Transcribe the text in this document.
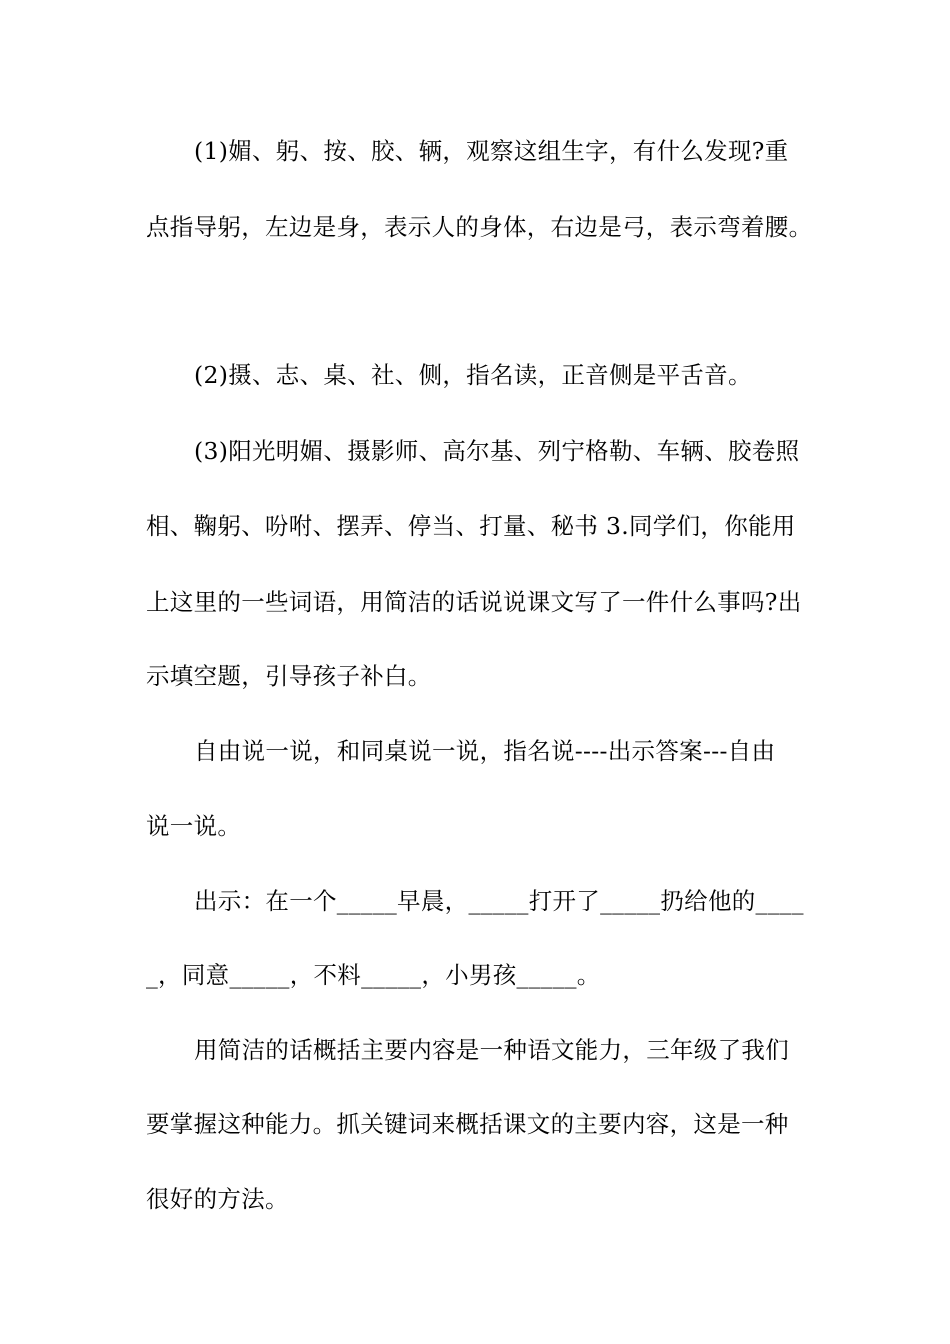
(1)媚、躬、按、胶、辆，观察这组生字，有什么发现?重
点指导躬，左边是身，表示人的身体，右边是弓，表示弯着腰。
(2)摄、志、桌、社、侧，指名读，正音侧是平舌音。
(3)阳光明媚、摄影师、高尔基、列宁格勒、车辆、胶卷照
相、鞠躬、吩咐、摆弄、停当、打量、秘书 3.同学们，你能用
上这里的一些词语，用简洁的话说说课文写了一件什么事吗?出
示填空题，引导孩子补白。
自由说一说，和同桌说一说，指名说----出示答案---自由
说一说。
出示：在一个_____早晨，_____打开了_____扔给他的____
_，同意_____，不料_____，小男孩_____。
用简洁的话概括主要内容是一种语文能力，三年级了我们
要掌握这种能力。抓关键词来概括课文的主要内容，这是一种
很好的方法。
